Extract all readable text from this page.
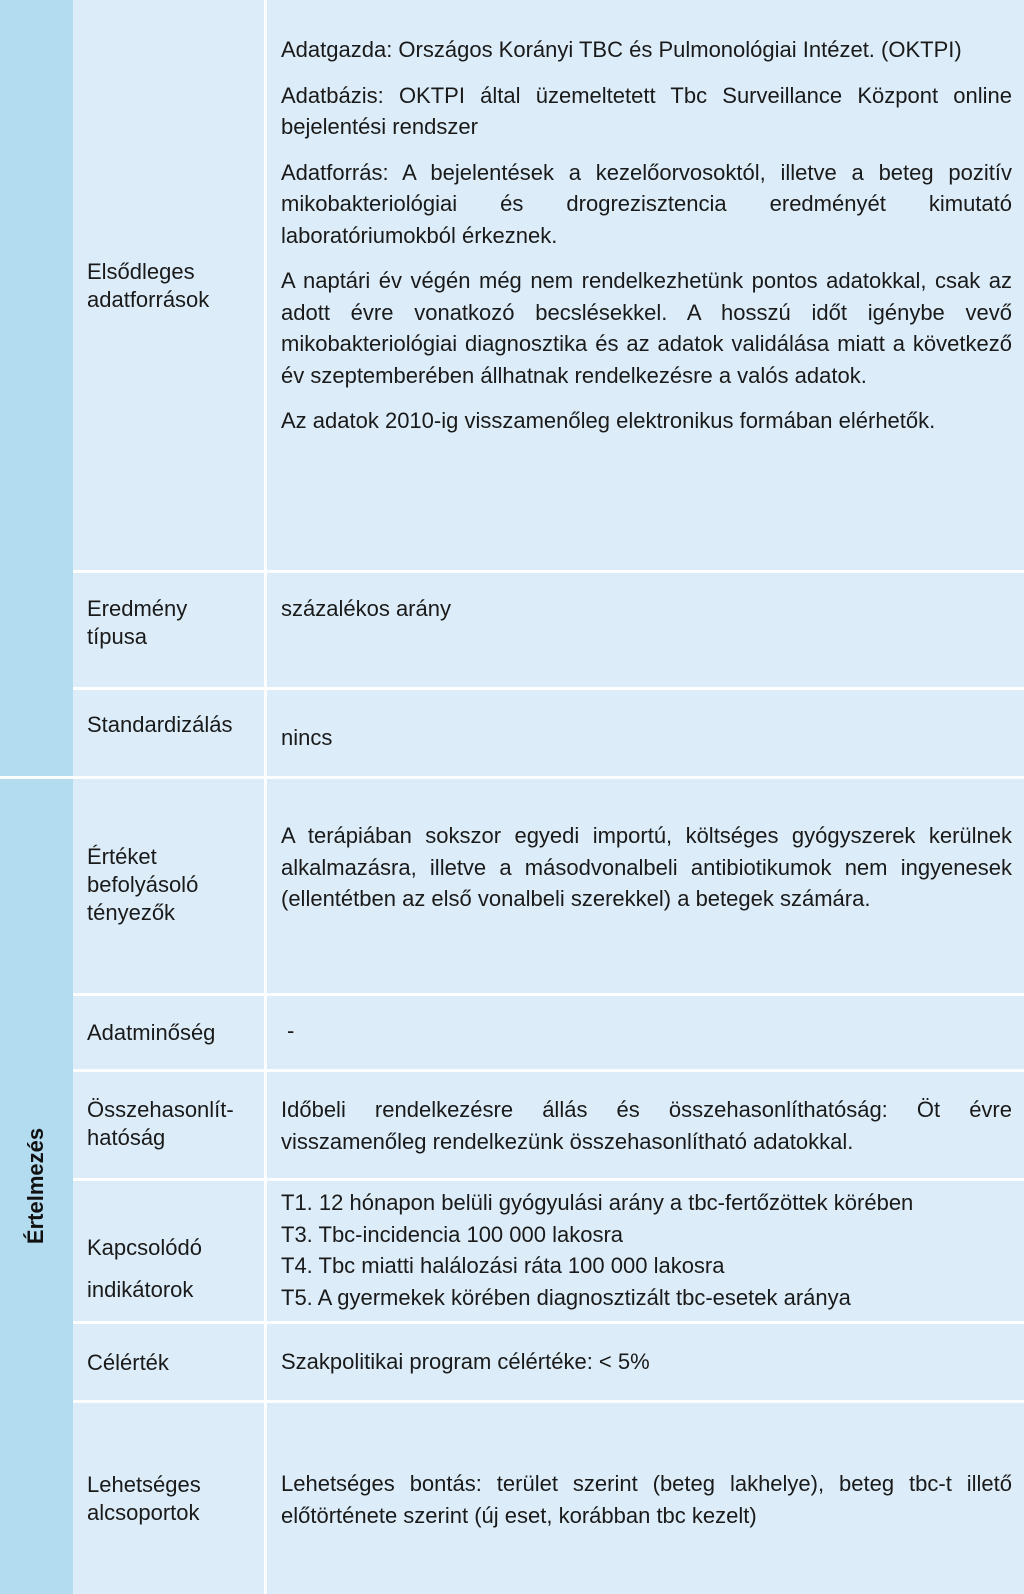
Értelmezés
Elsődleges adatforrások

Adatgazda: Országos Korányi TBC és Pulmonológiai Intézet. (OKTPI)

Adatbázis: OKTPI által üzemeltetett Tbc Surveillance Központ online bejelentési rendszer

Adatforrás: A bejelentések a kezelőorvosoktól, illetve a beteg pozitív mikobakteriológiai és drogrezisztencia eredményét kimutató laboratóriumokból érkeznek.

A naptári év végén még nem rendelkezhetünk pontos adatokkal, csak az adott évre vonatkozó becslésekkel. A hosszú időt igénybe vevő mikobakteriológiai diagnosztika és az adatok validálása miatt a következő év szeptemberében állhatnak rendelkezésre a valós adatok.

Az adatok 2010-ig visszamenőleg elektronikus formában elérhetők.

Eredmény típusa

százalékos arány

Standardizálás

nincs

Értéket
befolyásoló
tényezők

A terápiában sokszor egyedi importú, költséges gyógyszerek kerülnek alkalmazásra, illetve a másodvonalbeli antibiotikumok nem ingyenesek (ellentétben az első vonalbeli szerekkel) a betegek számára.

Adatminőség	-

Összehasonlít-
hatóság

Időbeli rendelkezésre állás és összehasonlíthatóság: Öt évre visszamenőleg rendelkezünk összehasonlítható adatokkal.

Kapcsolódó
indikátorok
T1. 12 hónapon belüli gyógyulási arány a tbc-fertőzöttek körében
T3. Tbc-incidencia 100 000 lakosra
T4. Tbc miatti halálozási ráta 100 000 lakosra
T5. A gyermekek körében diagnosztizált tbc-esetek aránya
Célérték	Szakpolitikai program célértéke: < 5%

Lehetséges
alcsoportok

Lehetséges bontás: terület szerint (beteg lakhelye), beteg tbc-t illető előtörténete szerint (új eset, korábban tbc kezelt)
